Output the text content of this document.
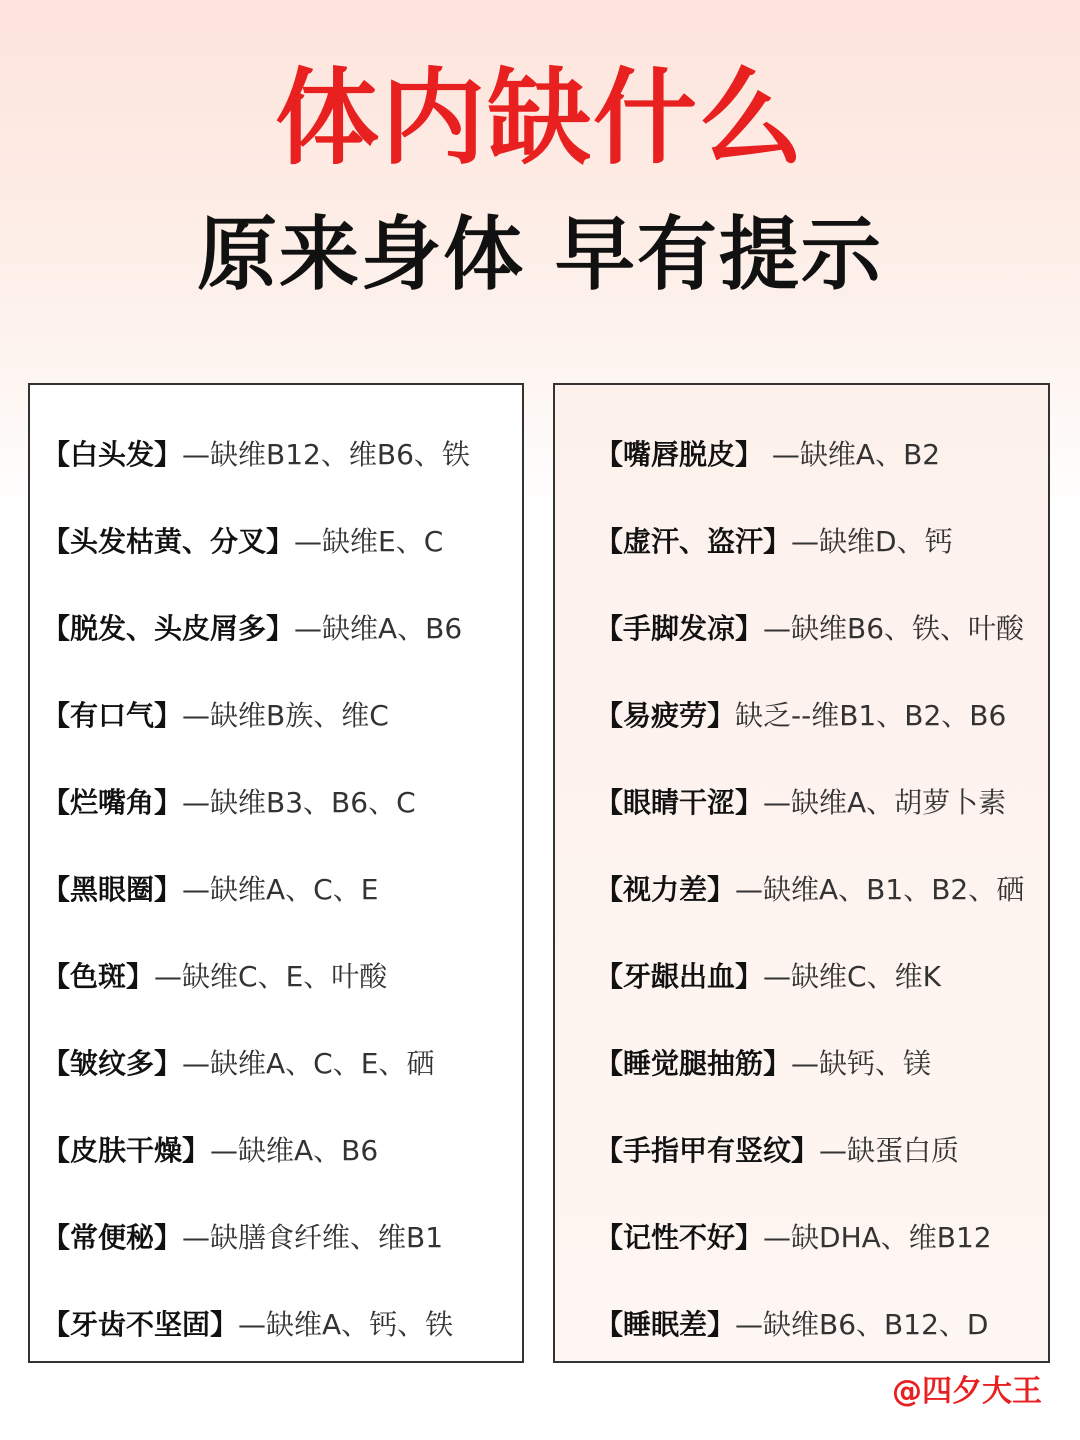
体内缺什么
原来身体 早有提示
【白头发】—缺维B12、维B6、铁
【头发枯黄、分叉】—缺维E、C
【脱发、头皮屑多】—缺维A、B6
【有口气】—缺维B族、维C
【烂嘴角】—缺维B3、B6、C
【黑眼圈】—缺维A、C、E
【色斑】—缺维C、E、叶酸
【皱纹多】—缺维A、C、E、硒
【皮肤干燥】—缺维A、B6
【常便秘】—缺膳食纤维、维B1
【牙齿不坚固】—缺维A、钙、铁
【嘴唇脱皮】 —缺维A、B2
【虚汗、盗汗】—缺维D、钙
【手脚发凉】—缺维B6、铁、叶酸
【易疲劳】缺乏--维B1、B2、B6
【眼睛干涩】—缺维A、胡萝卜素
【视力差】—缺维A、B1、B2、硒
【牙龈出血】—缺维C、维K
【睡觉腿抽筋】—缺钙、镁
【手指甲有竖纹】—缺蛋白质
【记性不好】—缺DHA、维B12
【睡眠差】—缺维B6、B12、D
@四夕大王
